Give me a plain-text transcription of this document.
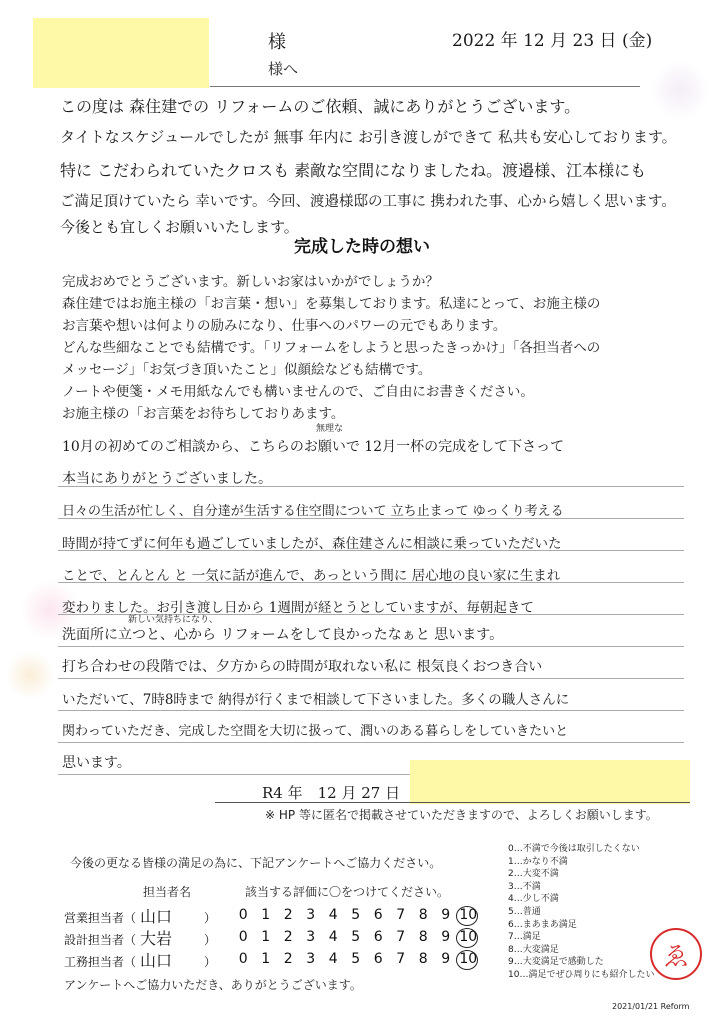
様
様へ
2022 年 12 月 23 日 (金)
この度は 森住建での リフォームのご依頼、誠にありがとうございます。
タイトなスケジュールでしたが 無事 年内に お引き渡しができて 私共も安心しております。
特に こだわられていたクロスも 素敵な空間になりましたね。渡邉様、江本様にも
ご満足頂けていたら 幸いです。今回、渡邉様邸の工事に 携われた事、心から嬉しく思います。
今後とも宜しくお願いいたします。
完成した時の想い
完成おめでとうございます。新しいお家はいかがでしょうか？
森住建ではお施主様の「お言葉・想い」を募集しております。私達にとって、お施主様の
お言葉や想いは何よりの励みになり、仕事へのパワーの元でもあります。
どんな些細なことでも結構です。「リフォームをしようと思ったきっかけ」「各担当者への
メッセージ」「お気づき頂いたこと」似顔絵なども結構です。
ノートや便箋・メモ用紙なんでも構いませんので、ご自由にお書きください。
お施主様の「お言葉をお待ちしておりあます。
無理な
10月の初めてのご相談から、こちらのお願いで 12月一杯の完成をして下さって
本当にありがとうございました。
日々の生活が忙しく、自分達が生活する住空間について 立ち止まって ゆっくり考える
時間が持てずに何年も過ごしていましたが、森住建さんに相談に乗っていただいた
ことで、とんとん と 一気に話が進んで、あっという間に 居心地の良い家に生まれ
変わりました。お引き渡し日から 1週間が経とうとしていますが、毎朝起きて
新しい気持ちになり、
洗面所に立つと、心から リフォームをして良かったなぁと 思います。
打ち合わせの段階では、夕方からの時間が取れない私に 根気良くおつき合い
いただいて、7時8時まで 納得が行くまで相談して下さいました。多くの職人さんに
関わっていただき、完成した空間を大切に扱って、潤いのある暮らしをしていきたいと
思います。
R4 年　12 月 27 日
※ HP 等に匿名で掲載させていただきますので、よろしくお願いします。
今後の更なる皆様の満足の為に、下記アンケートへご協力ください。
担当者名	該当する評価に〇をつけてください。
営業担当者（ 山口	）	0 1 2 3 4 5 6 7 8 9 10
設計担当者（ 大岩	）	0 1 2 3 4 5 6 7 8 9 10
工務担当者（ 山口	）	0 1 2 3 4 5 6 7 8 9 10
アンケートへご協力いただき、ありがとうございます。
0…不満で今後は取引したくない
1…かなり不満
2…大変不満
3…不満
4…少し不満
5…普通
6…まあまあ満足
7…満足
8…大変満足
9…大変満足で感動した
10…満足でぜひ周りにも紹介したい
ゑ
2021/01/21 Reform
